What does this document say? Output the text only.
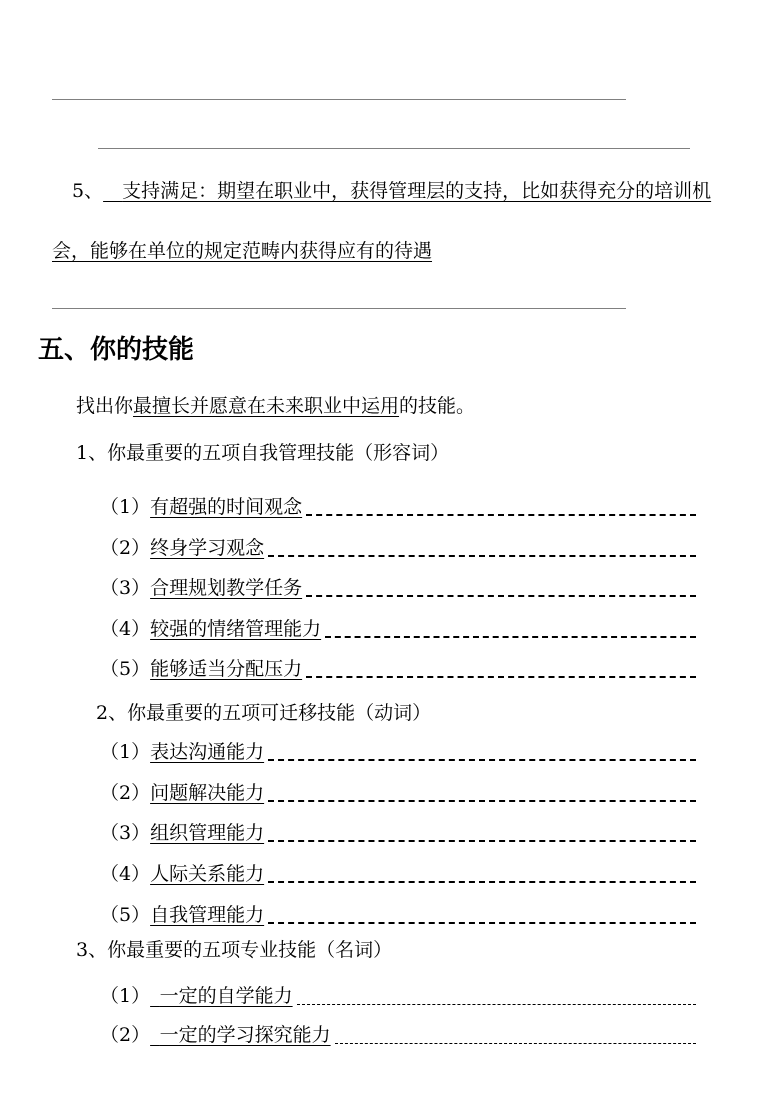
5、  支持满足：期望在职业中，获得管理层的支持，比如获得充分的培训机
会，能够在单位的规定范畴内获得应有的待遇
五、你的技能
找出你最擅长并愿意在未来职业中运用的技能。
1、你最重要的五项自我管理技能（形容词）
（1） 有超强的时间观念
（2） 终身学习观念
（3） 合理规划教学任务
（4） 较强的情绪管理能力
（5） 能够适当分配压力
2、你最重要的五项可迁移技能（动词）
（1） 表达沟通能力
（2） 问题解决能力
（3） 组织管理能力
（4） 人际关系能力
（5） 自我管理能力
3、你最重要的五项专业技能（名词）
（1）
  一定的自学能力
（2）
  一定的学习探究能力
